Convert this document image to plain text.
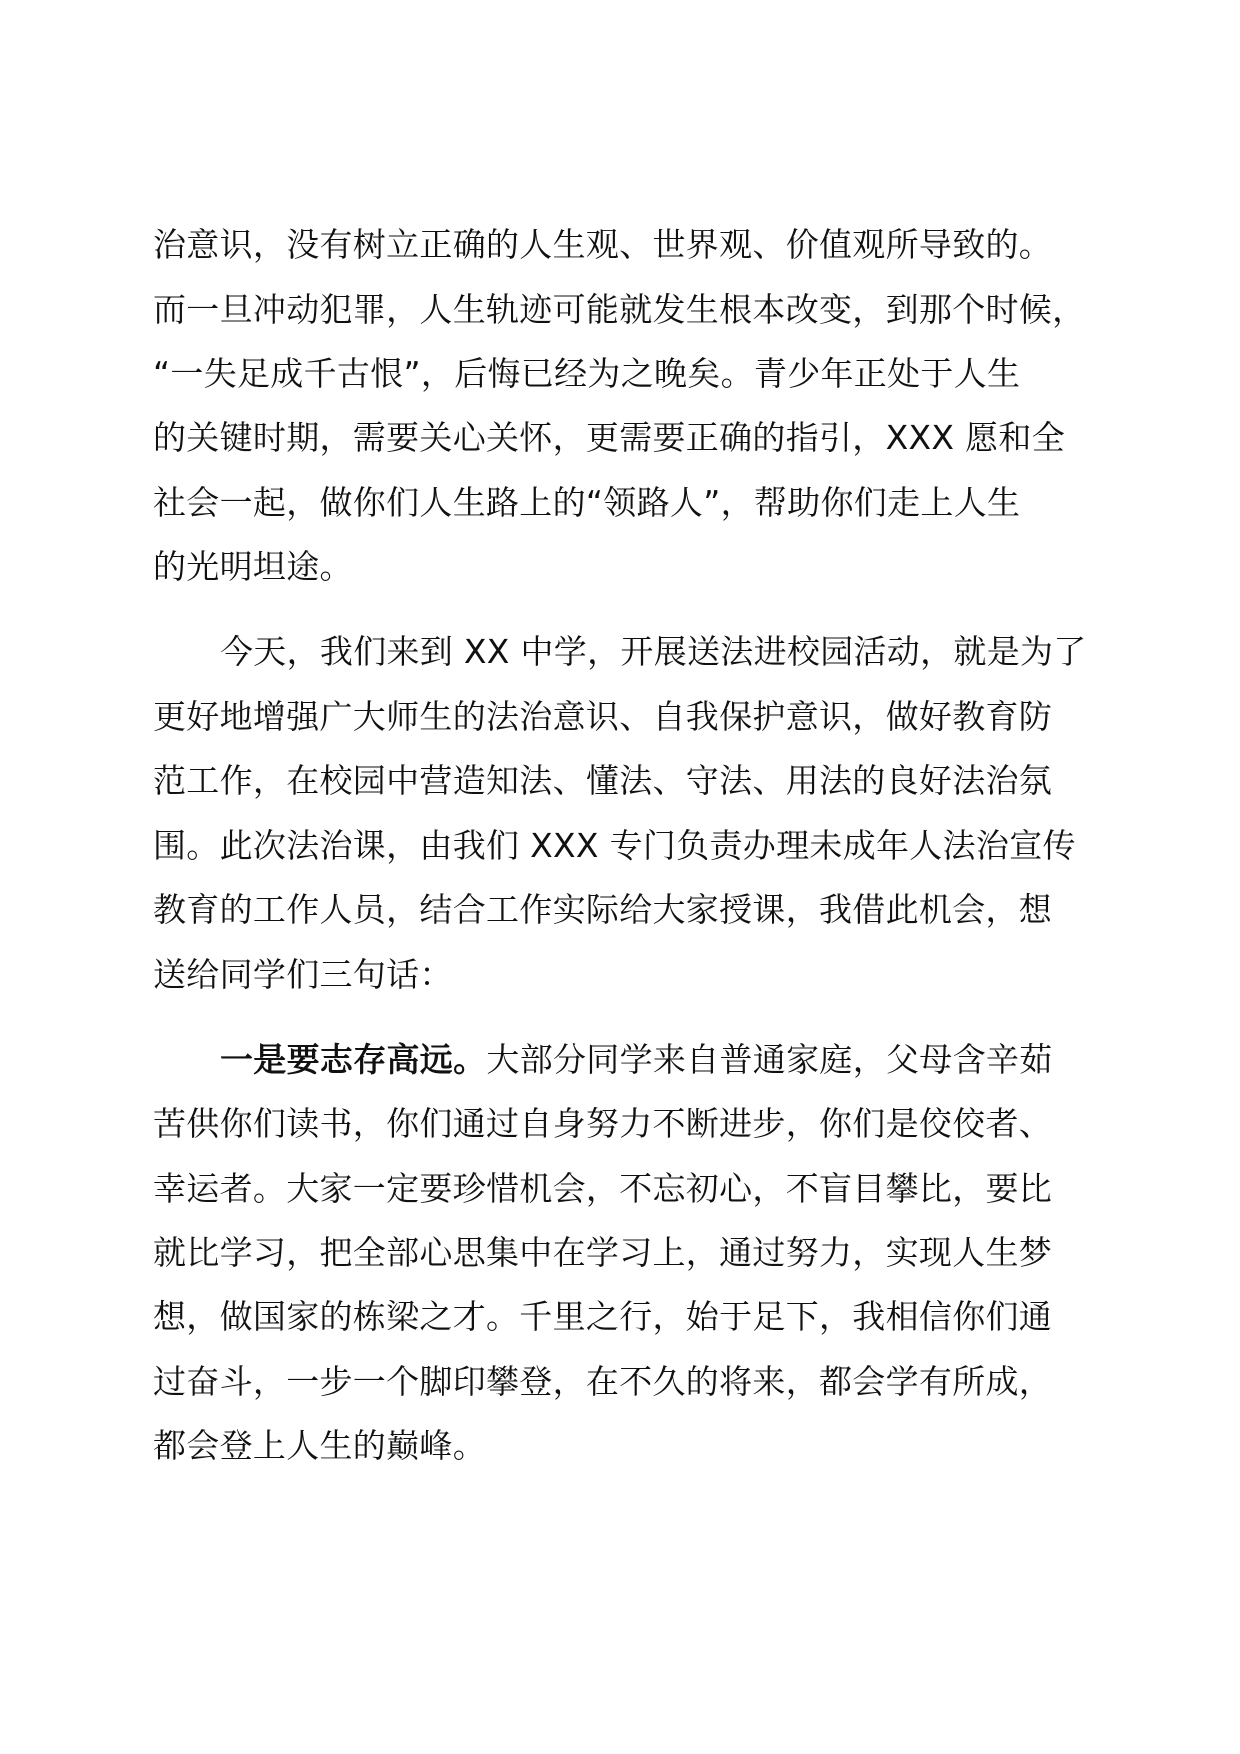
治意识，没有树立正确的人生观、世界观、价值观所导致的。
而一旦冲动犯罪，人生轨迹可能就发生根本改变，到那个时候，
“一失足成千古恨”，后悔已经为之晚矣。青少年正处于人生
的关键时期，需要关心关怀，更需要正确的指引，XXX 愿和全
社会一起，做你们人生路上的“领路人”，帮助你们走上人生
的光明坦途。
今天，我们来到 XX 中学，开展送法进校园活动，就是为了
更好地增强广大师生的法治意识、自我保护意识，做好教育防
范工作，在校园中营造知法、懂法、守法、用法的良好法治氛
围。此次法治课，由我们 XXX 专门负责办理未成年人法治宣传
教育的工作人员，结合工作实际给大家授课，我借此机会，想
送给同学们三句话：
一是要志存高远。大部分同学来自普通家庭，父母含辛茹
苦供你们读书，你们通过自身努力不断进步，你们是佼佼者、
幸运者。大家一定要珍惜机会，不忘初心，不盲目攀比，要比
就比学习，把全部心思集中在学习上，通过努力，实现人生梦
想，做国家的栋梁之才。千里之行，始于足下，我相信你们通
过奋斗，一步一个脚印攀登，在不久的将来，都会学有所成，
都会登上人生的巅峰。
